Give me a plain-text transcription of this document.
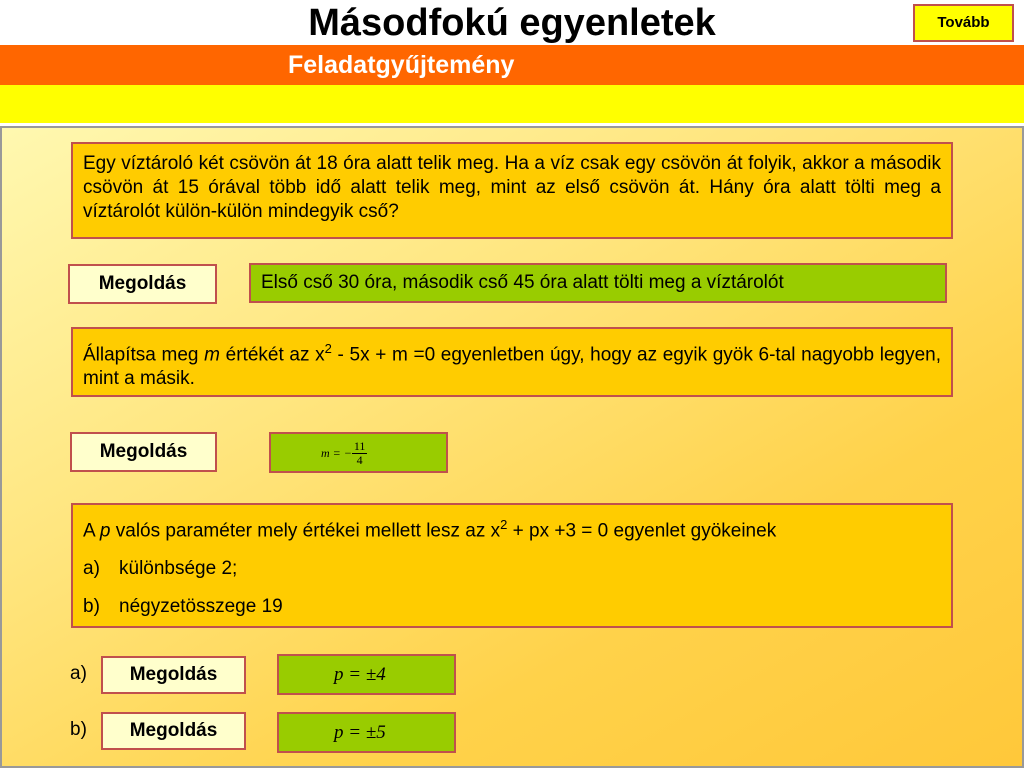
Másodfokú egyenletek	Tovább
Feladatgyűjtemény
Egy víztároló két csövön át 18 óra alatt telik meg. Ha a víz csak egy csövön át folyik, akkor a második csövön át 15 órával több idő alatt telik meg, mint az első csövön át. Hány óra alatt tölti meg a víztárolót külön-külön mindegyik cső?
Megoldás	Első cső 30 óra, második cső 45 óra alatt tölti meg a víztárolót
Állapítsa meg m értékét az $x^2 - 5x + m =0$ egyenletben úgy, hogy az egyik gyök 6-tal nagyobb legyen, mint a másik.
Megoldás	m = − $\frac{11}{4}$
A p valós paraméter mely értékei mellett lesz az $x^2$ + px +3 = 0 egyenlet gyökeinek
a)	különbsége 2;
b)	négyzetösszege 19
a)	Megoldás	p = ±4
b)	Megoldás	p = ±5
